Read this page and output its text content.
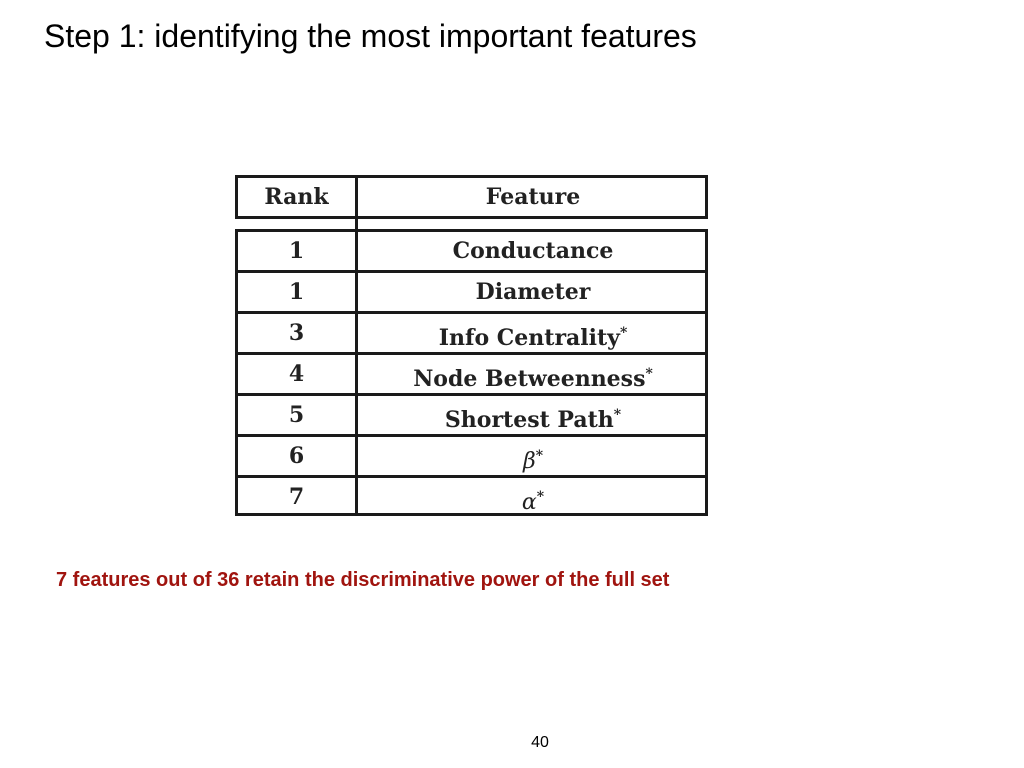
Step 1: identifying the most important features
Rank	Feature
1	Conductance
1	Diameter
3	Info Centrality*
4	Node Betweenness*
5	Shortest Path*
6	β*
7	α*
7 features out of 36 retain the discriminative power of the full set
40
